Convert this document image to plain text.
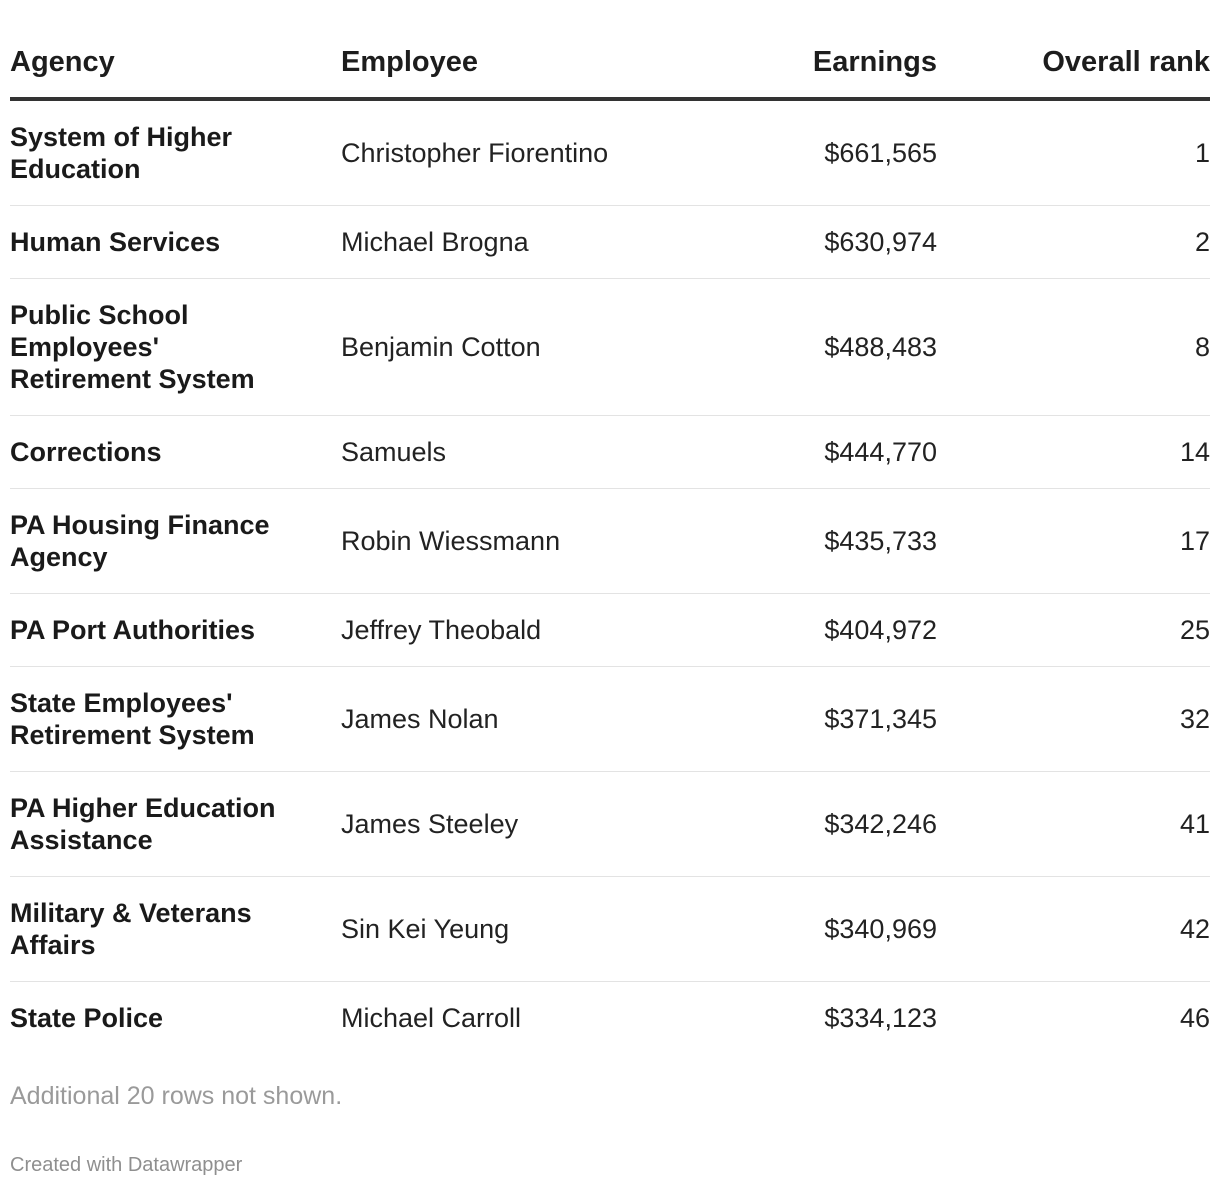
Agency	Employee	Earnings	Overall rank
System of Higher Education	Christopher Fiorentino	$661,565	1
Human Services	Michael Brogna	$630,974	2
Public School Employees' Retirement System	Benjamin Cotton	$488,483	8
Corrections	Samuels	$444,770	14
PA Housing Finance Agency	Robin Wiessmann	$435,733	17
PA Port Authorities	Jeffrey Theobald	$404,972	25
State Employees' Retirement System	James Nolan	$371,345	32
PA Higher Education Assistance	James Steeley	$342,246	41
Military & Veterans Affairs	Sin Kei Yeung	$340,969	42
State Police	Michael Carroll	$334,123	46
Additional 20 rows not shown.
Created with Datawrapper
